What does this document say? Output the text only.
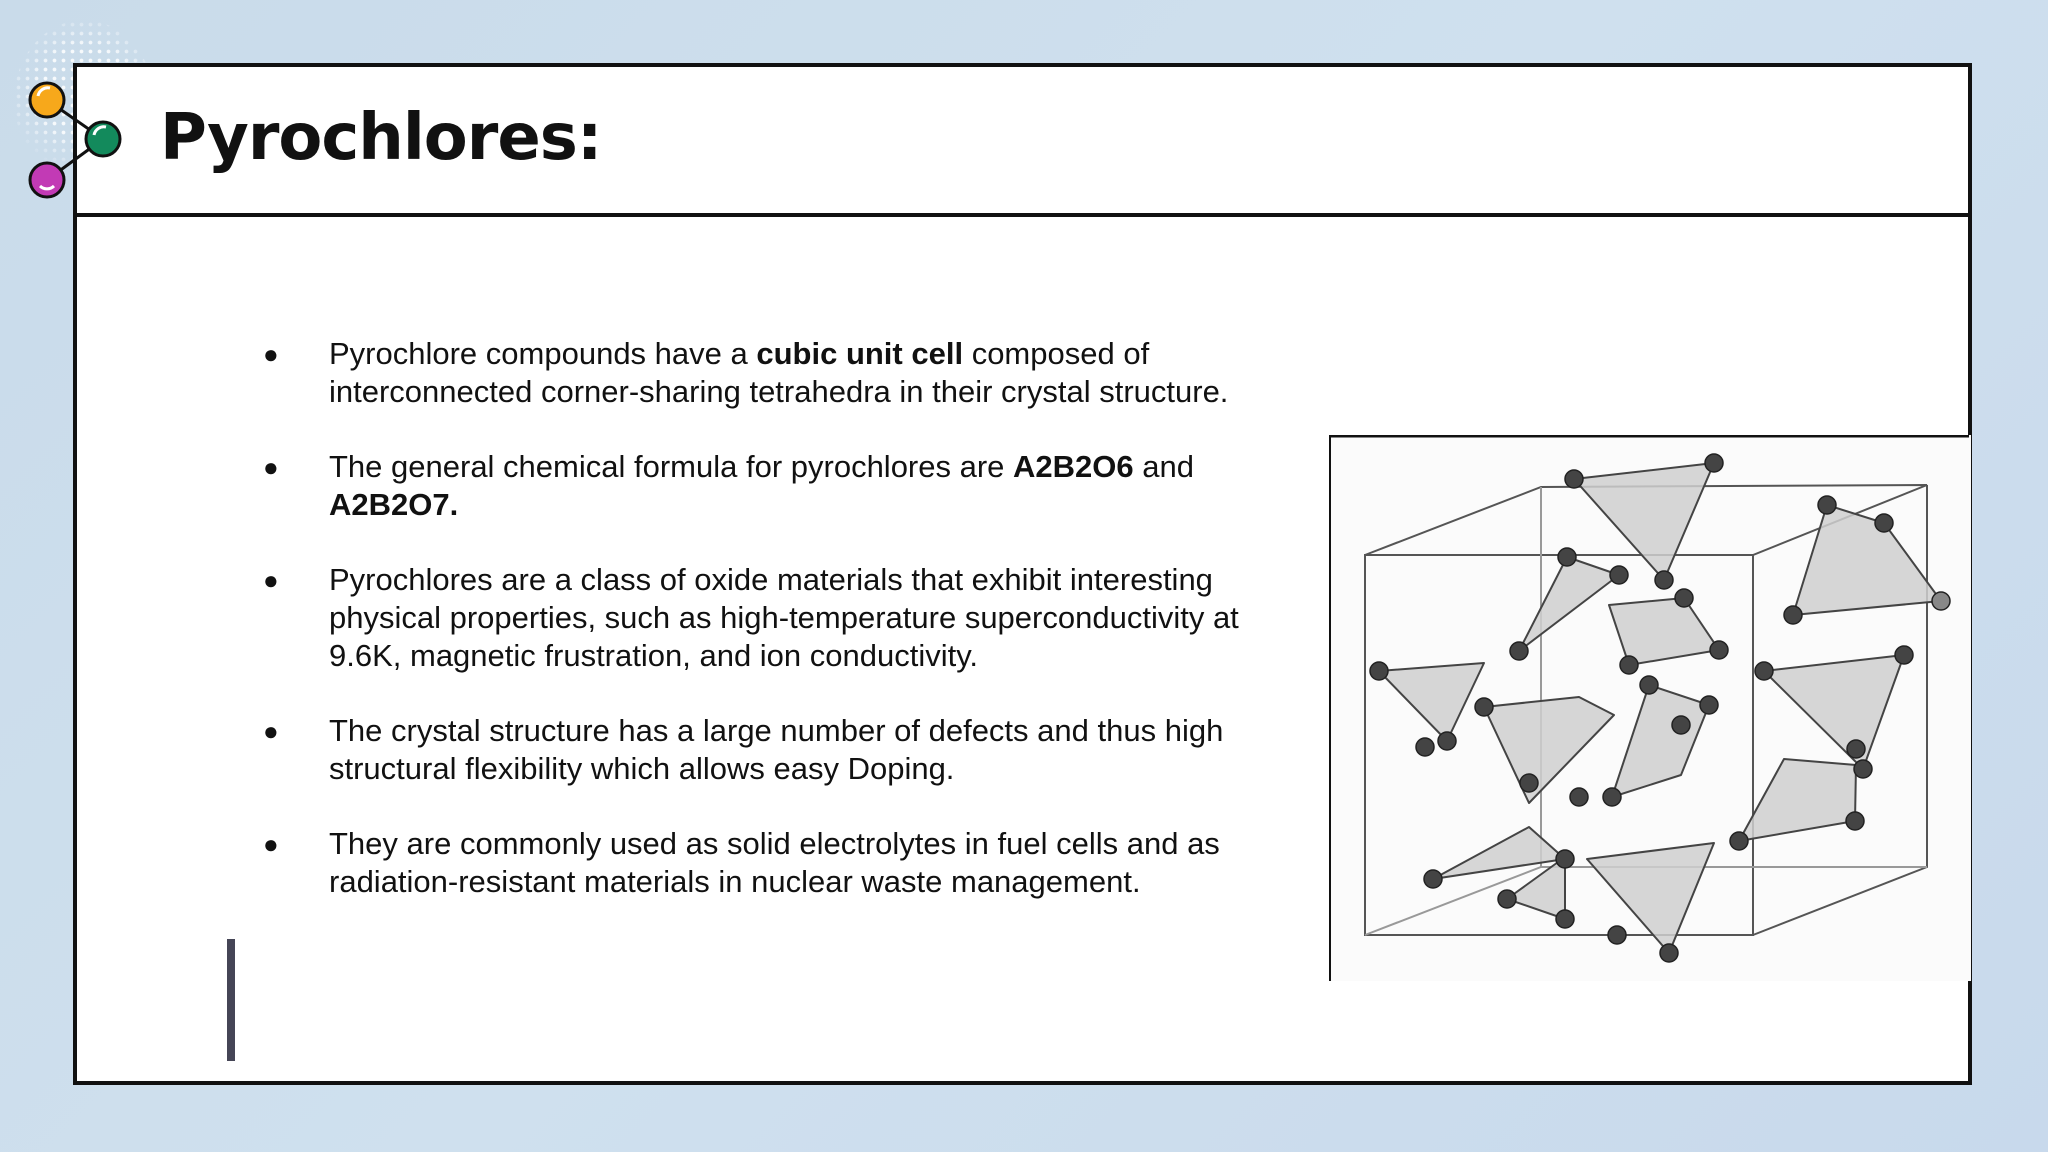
Pyrochlores:
● Pyrochlore compounds have a cubic unit cell composed of interconnected corner-sharing tetrahedra in their crystal structure.
● The general chemical formula for pyrochlores are A2B2O6 and A2B2O7.
● Pyrochlores are a class of oxide materials that exhibit interesting physical properties, such as high-temperature superconductivity at 9.6K, magnetic frustration, and ion conductivity.
● The crystal structure has a large number of defects and thus high structural flexibility which allows easy Doping.
● They are commonly used as solid electrolytes in fuel cells and as radiation-resistant materials in nuclear waste management.
